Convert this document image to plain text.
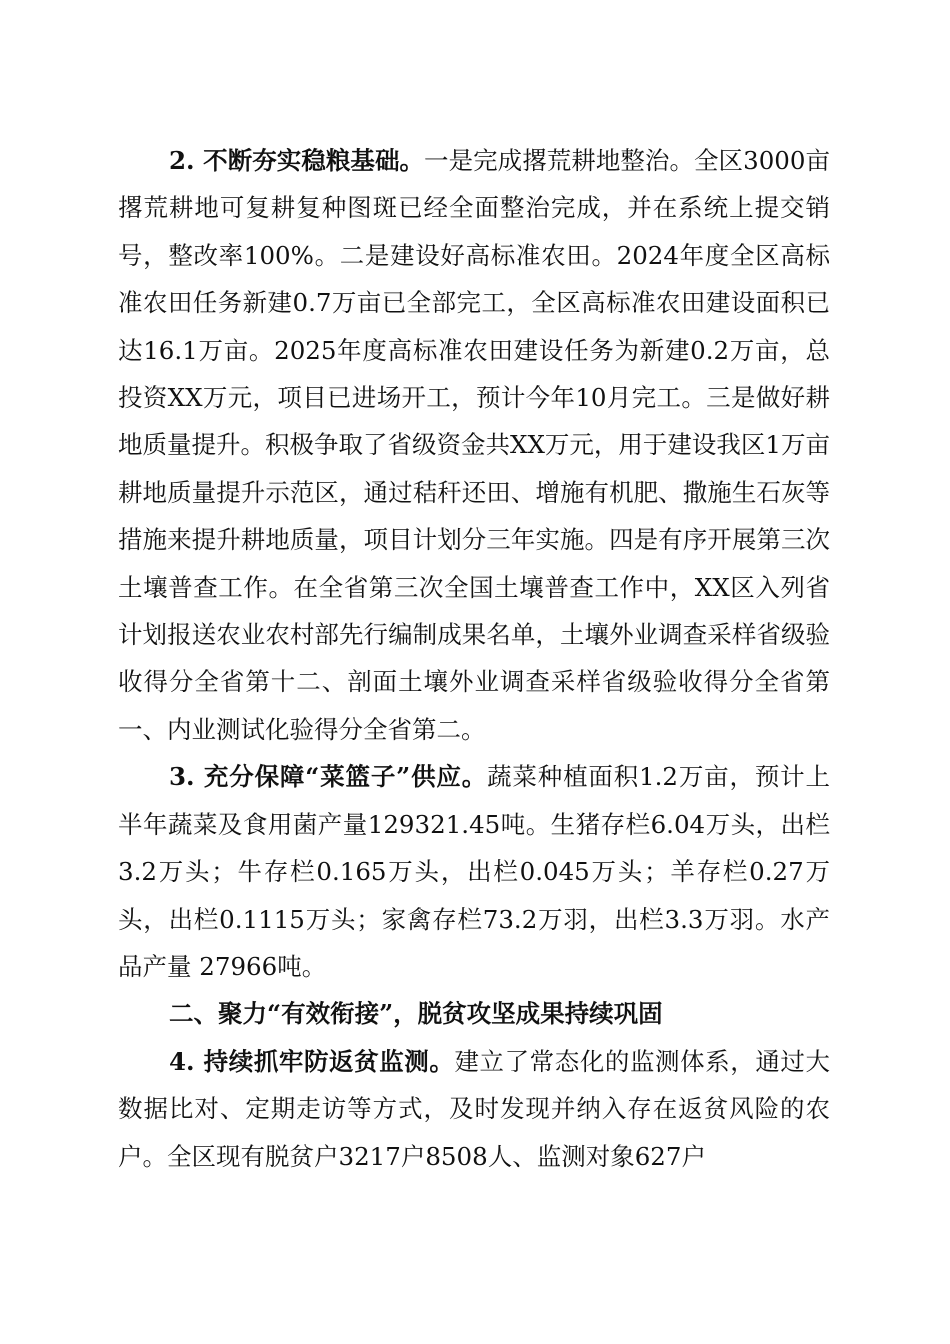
2. 不断夯实稳粮基础。一是完成撂荒耕地整治。全区3000亩撂荒耕地可复耕复种图斑已经全面整治完成，并在系统上提交销号，整改率100%。二是建设好高标准农田。2024年度全区高标准农田任务新建0.7万亩已全部完工，全区高标准农田建设面积已达16.1万亩。2025年度高标准农田建设任务为新建0.2万亩，总投资XX万元，项目已进场开工，预计今年10月完工。三是做好耕地质量提升。积极争取了省级资金共XX万元，用于建设我区1万亩耕地质量提升示范区，通过秸秆还田、增施有机肥、撒施生石灰等措施来提升耕地质量，项目计划分三年实施。四是有序开展第三次土壤普查工作。在全省第三次全国土壤普查工作中，XX区入列省计划报送农业农村部先行编制成果名单，土壤外业调查采样省级验收得分全省第十二、剖面土壤外业调查采样省级验收得分全省第一、内业测试化验得分全省第二。

3. 充分保障“菜篮子”供应。蔬菜种植面积1.2万亩，预计上半年蔬菜及食用菌产量129321.45吨。生猪存栏6.04万头，出栏3.2万头；牛存栏0.165万头，出栏0.045万头；羊存栏0.27万头，出栏0.1115万头；家禽存栏73.2万羽，出栏3.3万羽。水产品产量 27966吨。

二、聚力“有效衔接”，脱贫攻坚成果持续巩固

4. 持续抓牢防返贫监测。建立了常态化的监测体系，通过大数据比对、定期走访等方式，及时发现并纳入存在返贫风险的农户。全区现有脱贫户3217户8508人、监测对象627户
